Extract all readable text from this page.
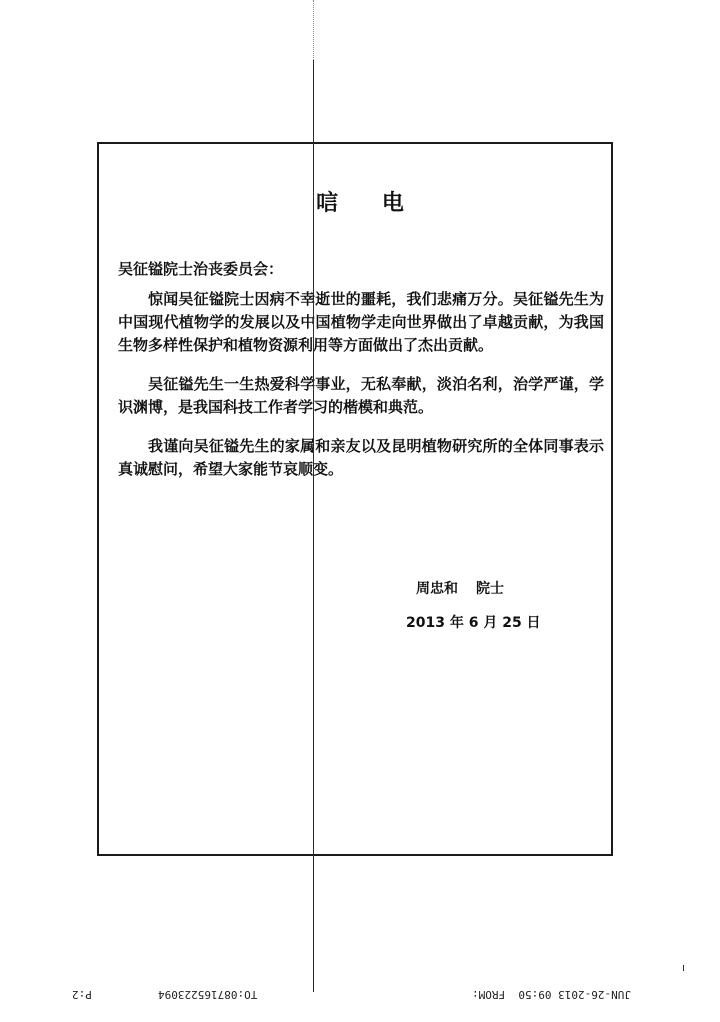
唁 电
吴征镒院士治丧委员会：

惊闻吴征镒院士因病不幸逝世的噩耗，我们悲痛万分。吴征镒先生为中国现代植物学的发展以及中国植物学走向世界做出了卓越贡献，为我国生物多样性保护和植物资源利用等方面做出了杰出贡献。

吴征镒先生一生热爱科学事业，无私奉献，淡泊名利，治学严谨，学识渊博，是我国科技工作者学习的楷模和典范。

我谨向吴征镒先生的家属和亲友以及昆明植物研究所的全体同事表示真诚慰问，希望大家能节哀顺变。

周忠和 院士
2013 年 6 月 25 日
P:2	TO:087165223094	JUN-26-2013 09:50  FROM:
